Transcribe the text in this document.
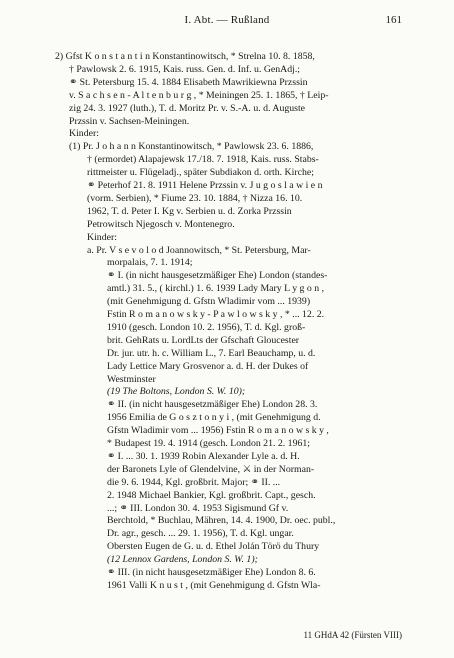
I. Abt. — Rußland	161
2) Gfst K o n s t a n t i n Konstantinowitsch, * Strelna 10. 8. 1858,
† Pawlowsk 2. 6. 1915, Kais. russ. Gen. d. Inf. u. GenAdj.;
⚭ St. Petersburg 15. 4. 1884 Elisabeth Mawrikiewna Przssin
v. S a c h s e n - A l t e n b u r g , * Meiningen 25. 1. 1865, † Leip-
zig 24. 3. 1927 (luth.), T. d. Moritz Pr. v. S.-A. u. d. Auguste
Przssin v. Sachsen-Meiningen.
Kinder:
(1) Pr. J o h a n n Konstantinowitsch, * Pawlowsk 23. 6. 1886,
† (ermordet) Alapajewsk 17./18. 7. 1918, Kais. russ. Stabs-
rittmeister u. Flügeladj., später Subdiakon d. orth. Kirche;
⚭ Peterhof 21. 8. 1911 Helene Przssin v. J u g o s l a w i e n
(vorm. Serbien), * Fiume 23. 10. 1884, † Nizza 16. 10.
1962, T. d. Peter I. Kg v. Serbien u. d. Zorka Przssin
Petrowitsch Njegosch v. Montenegro.
Kinder:
a. Pr. V s e v o l o d Joannowitsch, * St. Petersburg, Mar-
morpalais, 7. 1. 1914;
⚭ I. (in nicht hausgesetzmäßiger Ehe) London (standes-
amtl.) 31. 5., ( kirchl.) 1. 6. 1939 Lady Mary L y g o n ,
(mit Genehmigung d. Gfstn Wladimir vom ... 1939)
Fstin R o m a n o w s k y - P a w l o w s k y , * ... 12. 2.
1910 (gesch. London 10. 2. 1956), T. d. Kgl. groß-
brit. GehRats u. LordLts der Gfschaft Gloucester
Dr. jur. utr. h. c. William L., 7. Earl Beauchamp, u. d.
Lady Lettice Mary Grosvenor a. d. H. der Dukes of
Westminster
(19 The Boltons, London S. W. 10);
⚭ II. (in nicht hausgesetzmäßiger Ehe) London 28. 3.
1956 Emilia de G o s z t o n y i , (mit Genehmigung d.
Gfstn Wladimir vom ... 1956) Fstin R o m a n o w s k y ,
* Budapest 19. 4. 1914 (gesch. London 21. 2. 1961;
⚭ I. ... 30. 1. 1939 Robin Alexander Lyle a. d. H.
der Baronets Lyle of Glendelvine, ⚔ in der Norman-
die 9. 6. 1944, Kgl. großbrit. Major; ⚭ II. ...
2. 1948 Michael Bankier, Kgl. großbrit. Capt., gesch.
...; ⚭ III. London 30. 4. 1953 Sigismund Gf v.
Berchtold, * Buchlau, Mähren, 14. 4. 1900, Dr. oec. publ.,
Dr. agr., gesch. ... 29. 1. 1956), T. d. Kgl. ungar.
Obersten Eugen de G. u. d. Ethel Jolán Törö du Thury
(12 Lennox Gardens, London S. W. 1);
⚭ III. (in nicht hausgesetzmäßiger Ehe) London 8. 6.
1961 Valli K n u s t , (mit Genehmigung d. Gfstn Wla-
11 GHdA 42 (Fürsten VIII)
